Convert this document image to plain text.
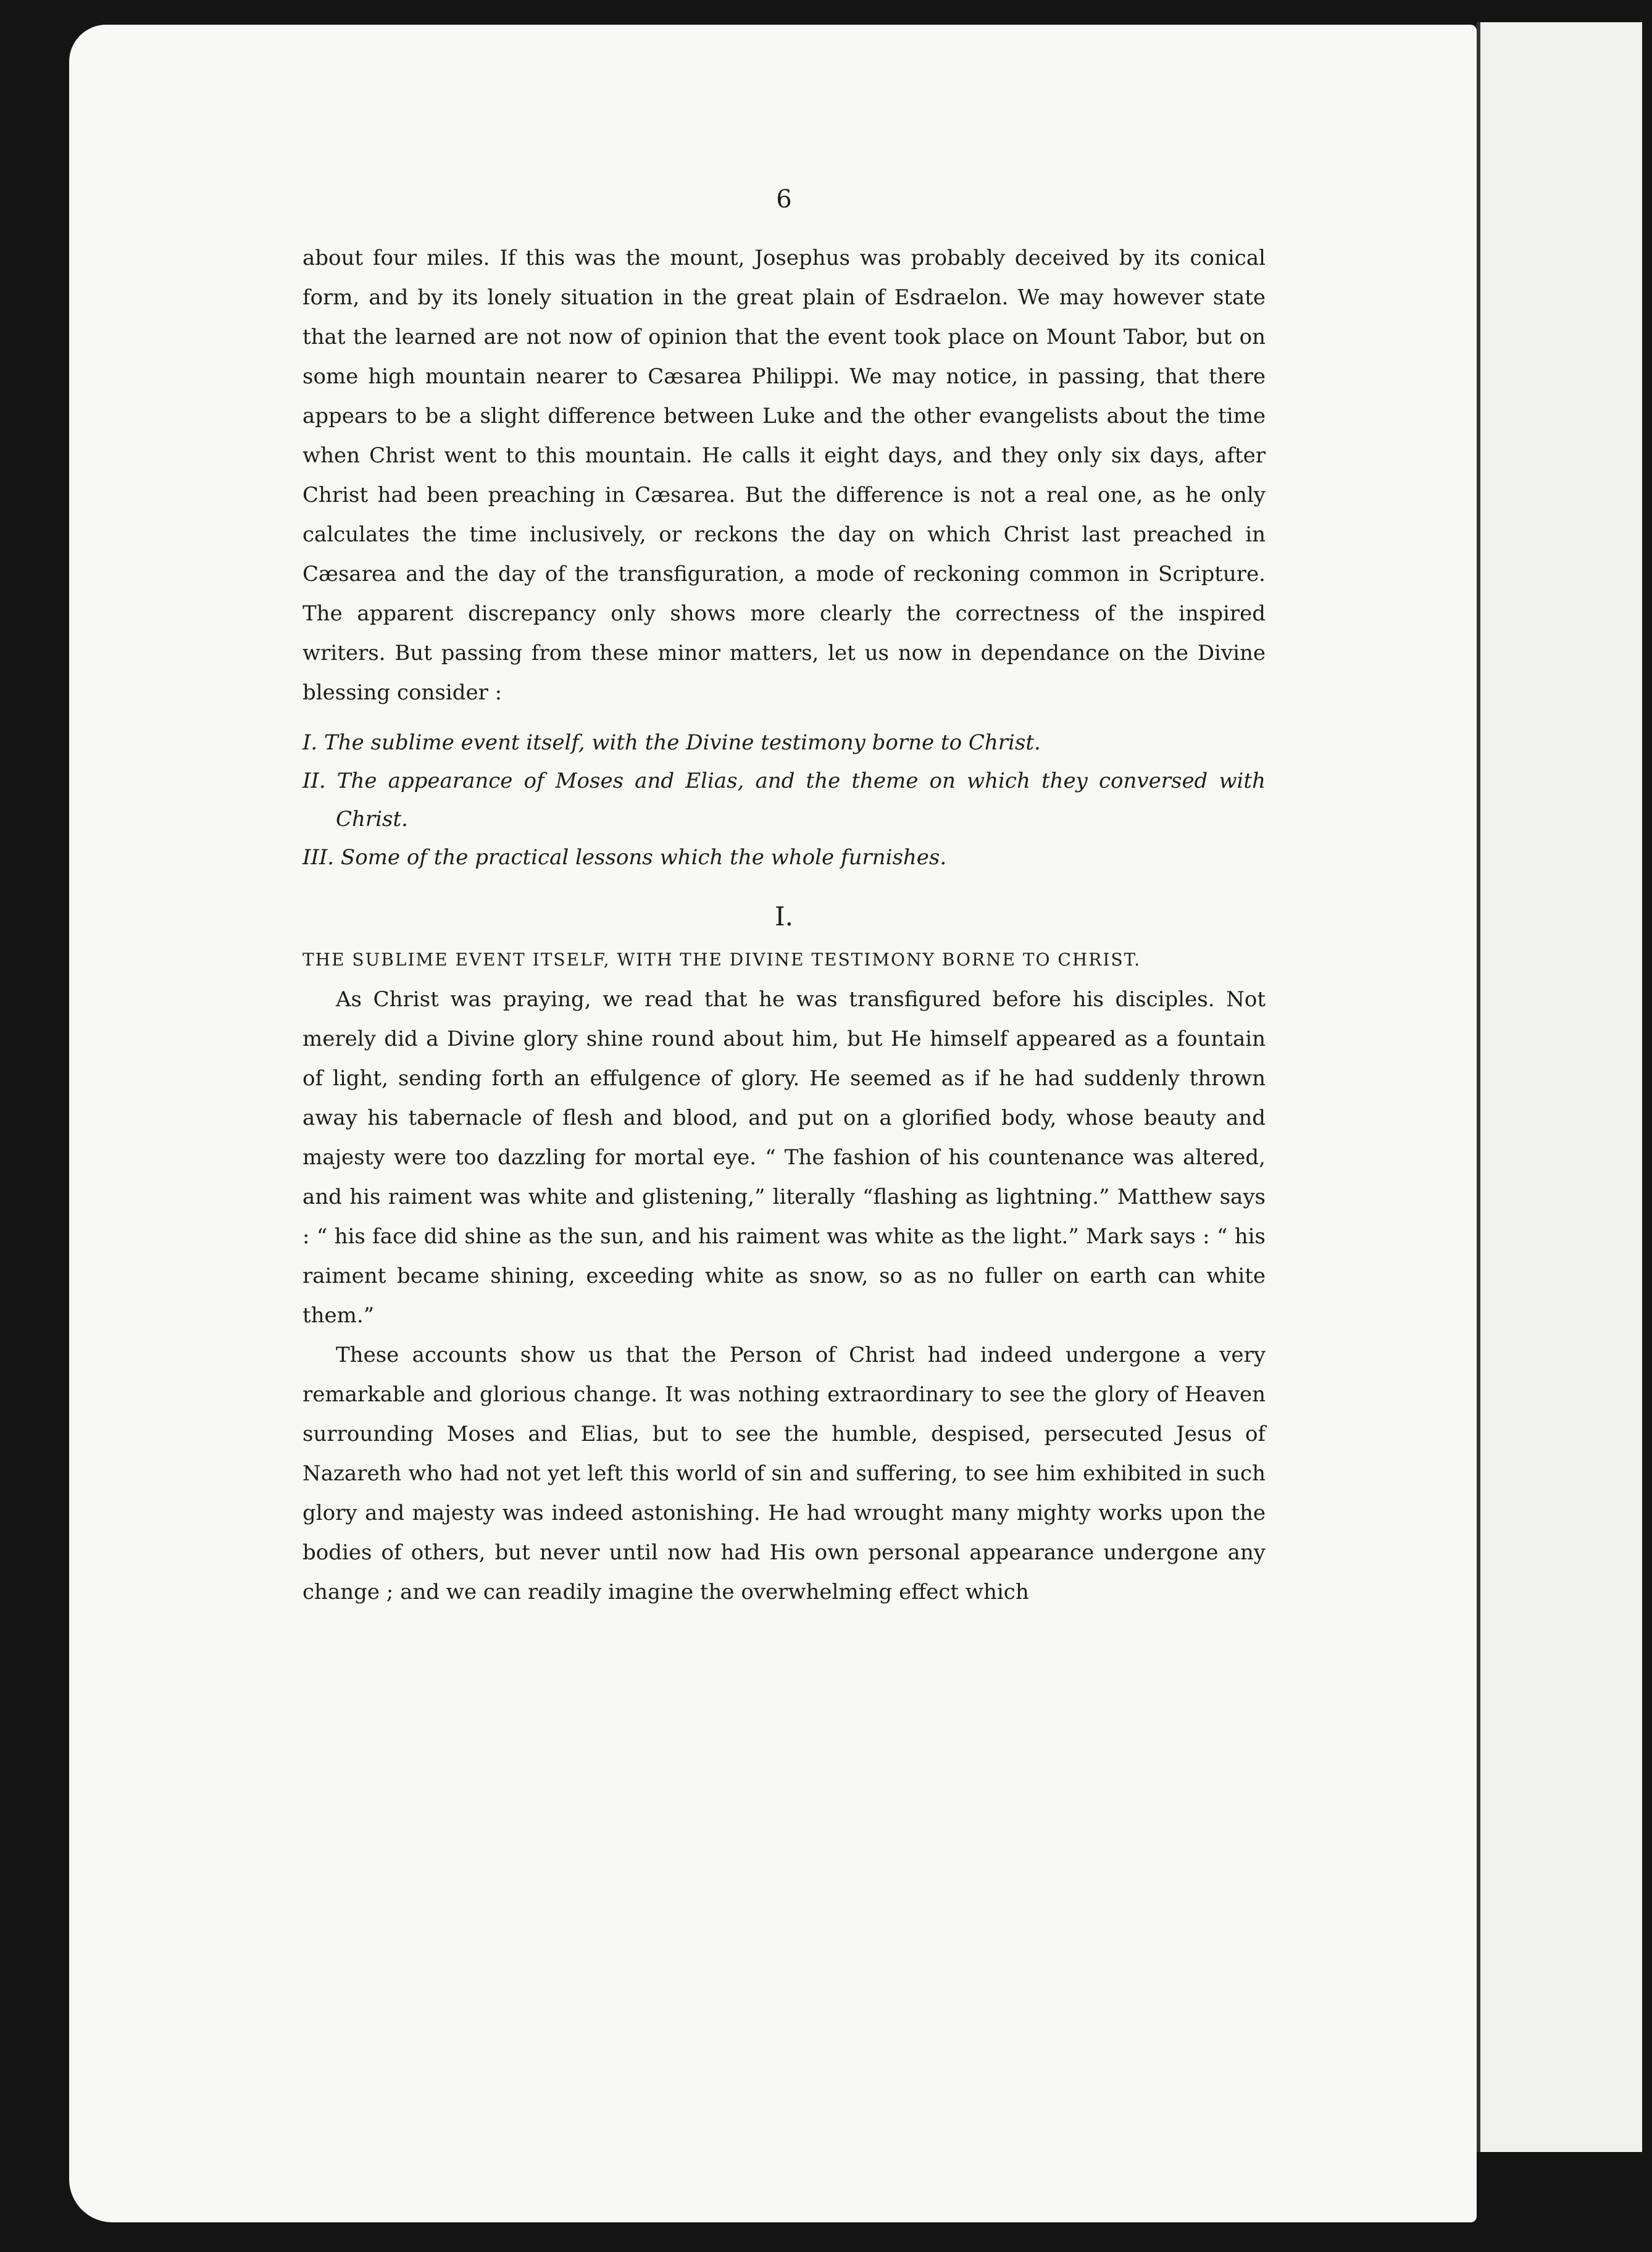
6

about four miles. If this was the mount, Josephus was probably deceived by its conical form, and by its lonely situation in the great plain of Esdraelon. We may however state that the learned are not now of opinion that the event took place on Mount Tabor, but on some high mountain nearer to Cæsarea Philippi. We may notice, in passing, that there appears to be a slight difference between Luke and the other evangelists about the time when Christ went to this mountain. He calls it eight days, and they only six days, after Christ had been preaching in Cæsarea. But the difference is not a real one, as he only calculates the time inclusively, or reckons the day on which Christ last preached in Cæsarea and the day of the transfiguration, a mode of reckoning common in Scripture. The apparent discrepancy only shows more clearly the correctness of the inspired writers. But passing from these minor matters, let us now in dependance on the Divine blessing consider :

I. The sublime event itself, with the Divine testimony borne to Christ.

II. The appearance of Moses and Elias, and the theme on which they conversed with Christ.

III. Some of the practical lessons which the whole furnishes.

I.

THE SUBLIME EVENT ITSELF, WITH THE DIVINE TESTIMONY BORNE TO CHRIST.

As Christ was praying, we read that he was transfigured before his disciples. Not merely did a Divine glory shine round about him, but He himself appeared as a fountain of light, sending forth an effulgence of glory. He seemed as if he had suddenly thrown away his tabernacle of flesh and blood, and put on a glorified body, whose beauty and majesty were too dazzling for mortal eye. “ The fashion of his countenance was altered, and his raiment was white and glistening,” literally “flashing as lightning.” Matthew says : “ his face did shine as the sun, and his raiment was white as the light.” Mark says : “ his raiment became shining, exceeding white as snow, so as no fuller on earth can white them.”

These accounts show us that the Person of Christ had indeed undergone a very remarkable and glorious change. It was nothing extraordinary to see the glory of Heaven surrounding Moses and Elias, but to see the humble, despised, persecuted Jesus of Nazareth who had not yet left this world of sin and suffering, to see him exhibited in such glory and majesty was indeed astonishing. He had wrought many mighty works upon the bodies of others, but never until now had His own personal appearance undergone any change ; and we can readily imagine the overwhelming effect which
